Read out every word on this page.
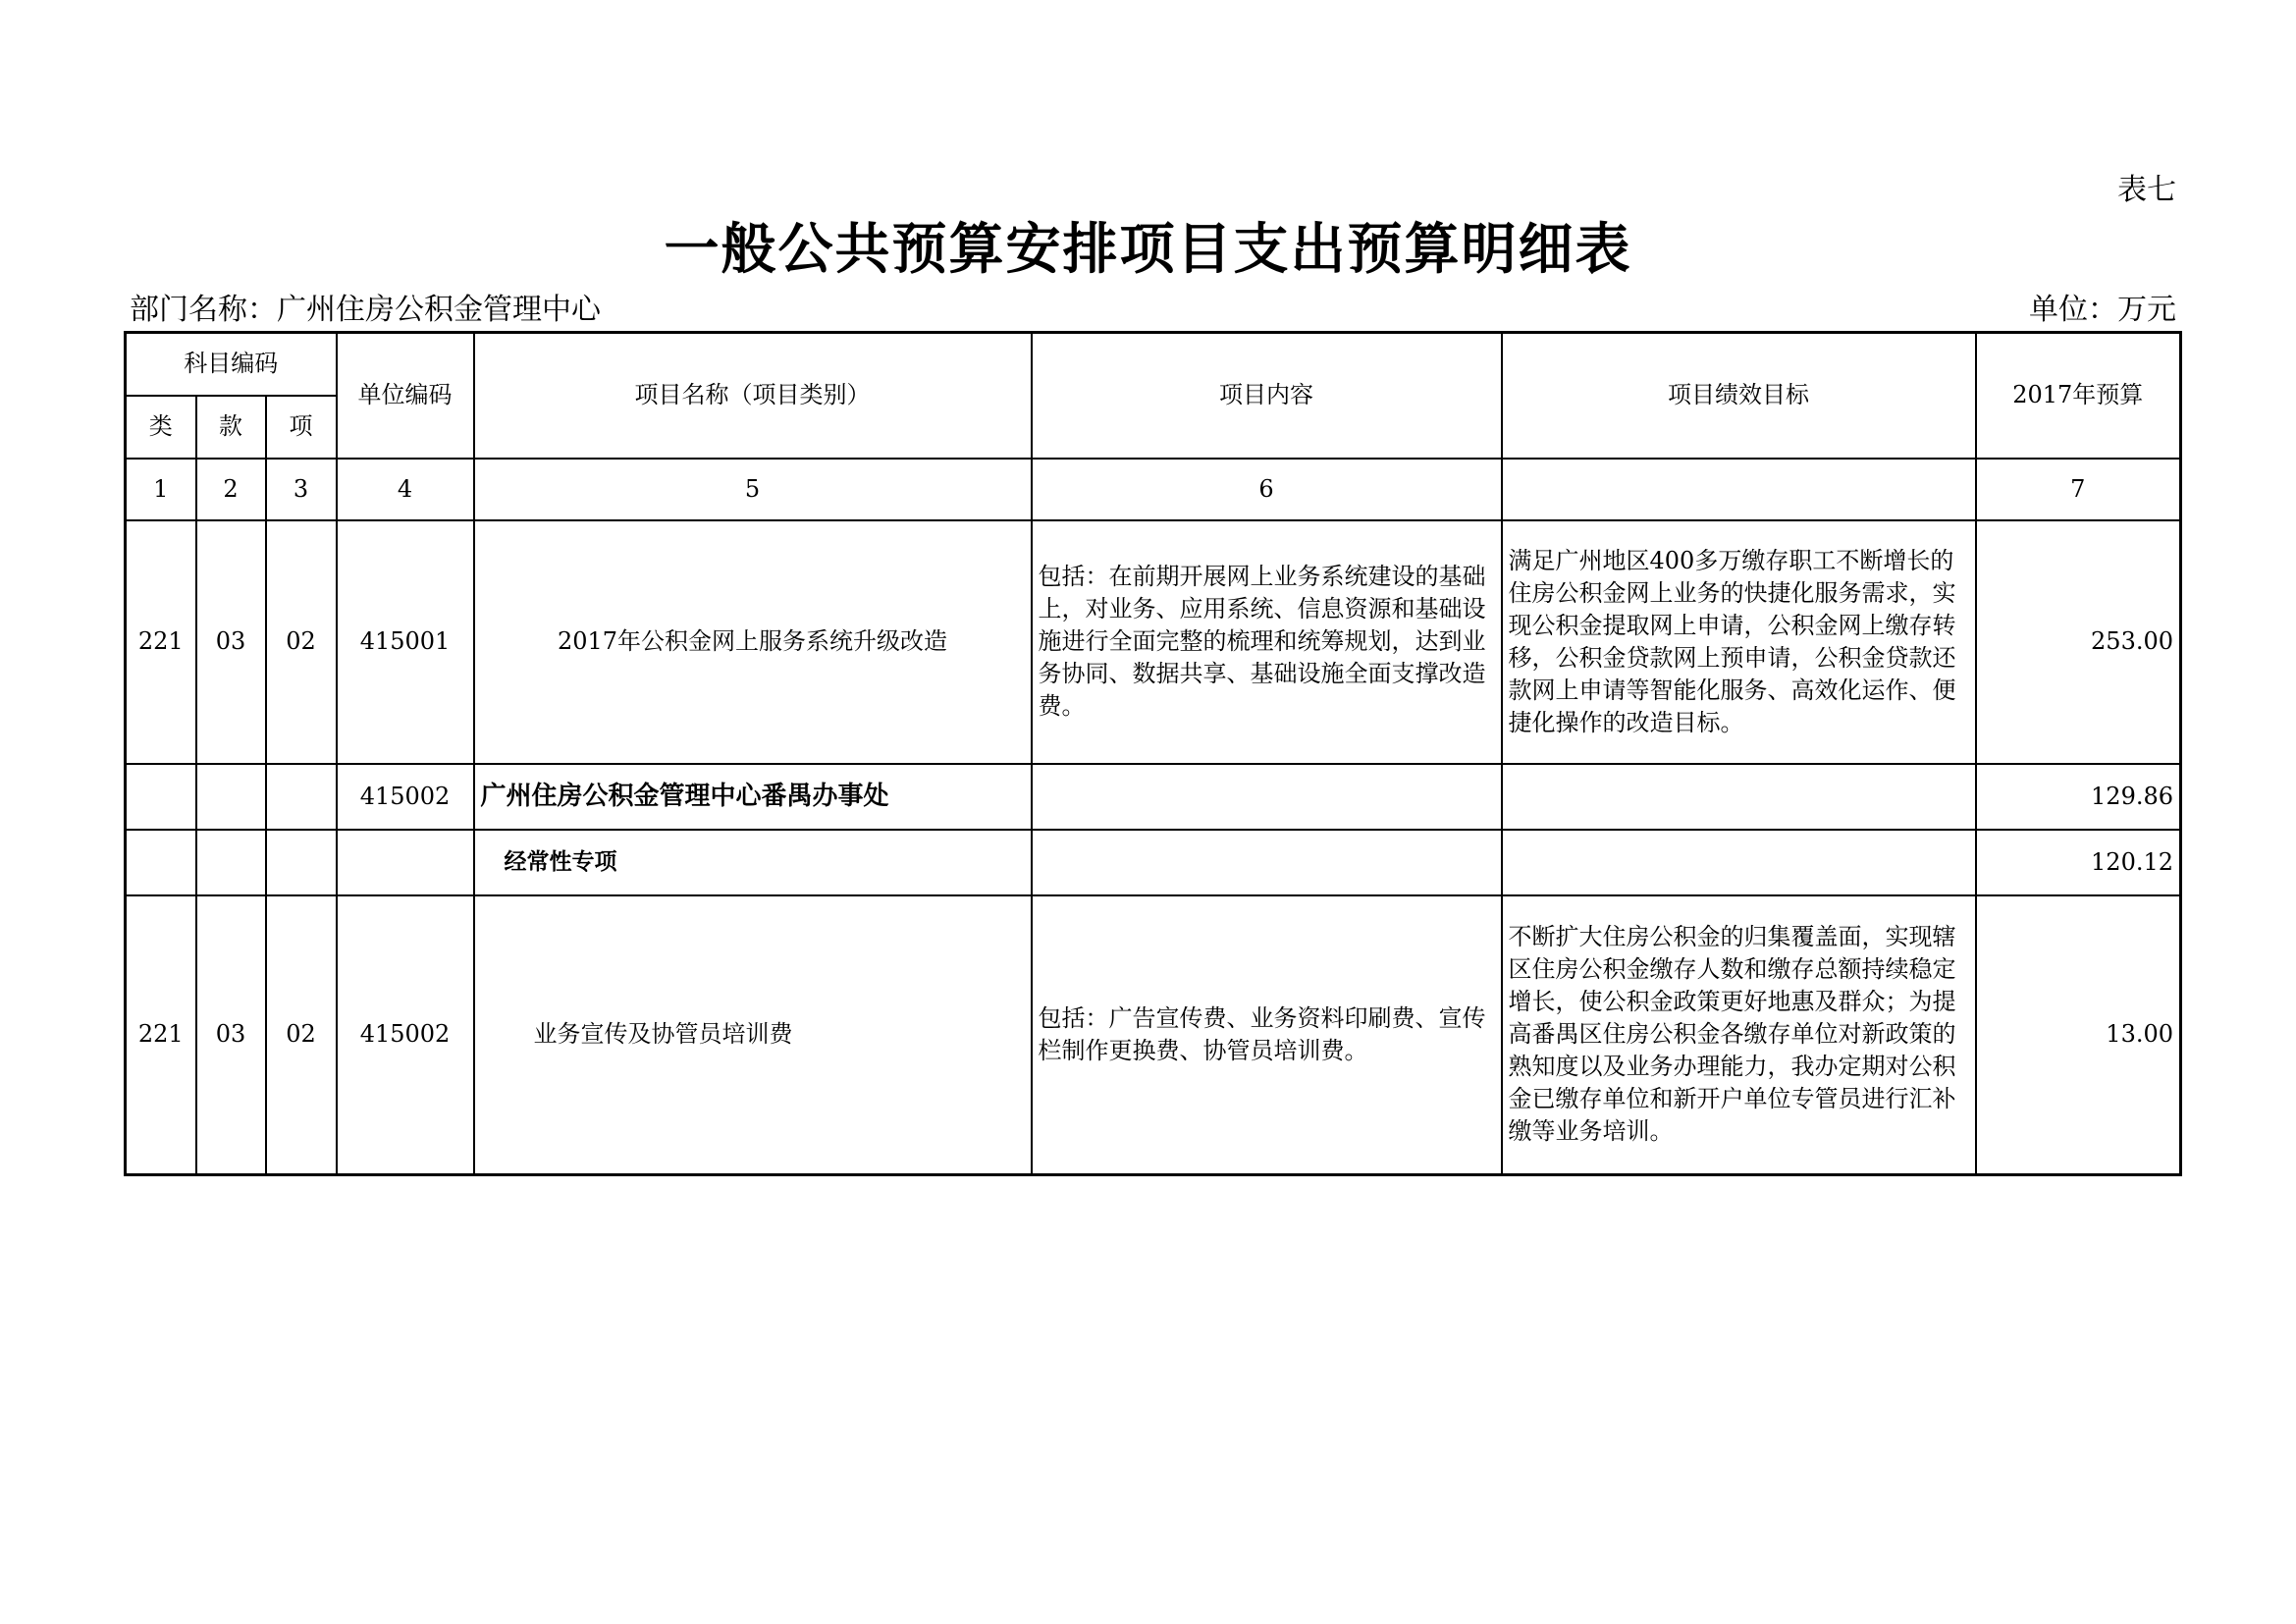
表七
一般公共预算安排项目支出预算明细表
部门名称：广州住房公积金管理中心	单位：万元
科目编码			单位编码	项目名称（项目类别）	项目内容	项目绩效目标	2017年预算
类	款	项					
1	2	3	4	5	6		7
221	03	02	415001	2017年公积金网上服务系统升级改造	包括：在前期开展网上业务系统建设的基础上，对业务、应用系统、信息资源和基础设施进行全面完整的梳理和统筹规划，达到业务协同、数据共享、基础设施全面支撑改造费。	满足广州地区400多万缴存职工不断增长的住房公积金网上业务的快捷化服务需求，实现公积金提取网上申请，公积金网上缴存转移，公积金贷款网上预申请，公积金贷款还款网上申请等智能化服务、高效化运作、便捷化操作的改造目标。	253.00
			415002	广州住房公积金管理中心番禺办事处			129.86
				经常性专项			120.12
221	03	02	415002	业务宣传及协管员培训费	包括：广告宣传费、业务资料印刷费、宣传栏制作更换费、协管员培训费。	不断扩大住房公积金的归集覆盖面，实现辖区住房公积金缴存人数和缴存总额持续稳定增长，使公积金政策更好地惠及群众；为提高番禺区住房公积金各缴存单位对新政策的熟知度以及业务办理能力，我办定期对公积金已缴存单位和新开户单位专管员进行汇补缴等业务培训。	13.00
